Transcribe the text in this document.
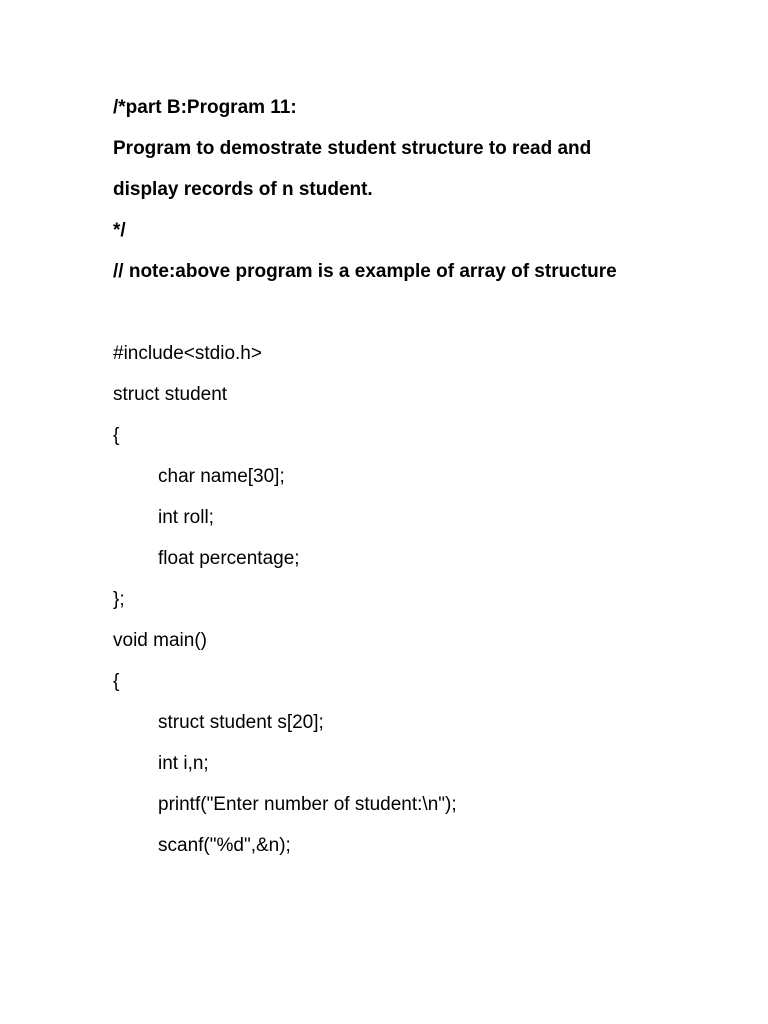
/*part B:Program 11:
Program to demostrate student structure to read and
display records of n student.
*/
// note:above program is a example of array of structure
#include<stdio.h>
struct student
{
char name[30];
int roll;
float percentage;
};
void main()
{
struct student s[20];
int i,n;
printf("Enter number of student:\n");
scanf("%d",&n);
